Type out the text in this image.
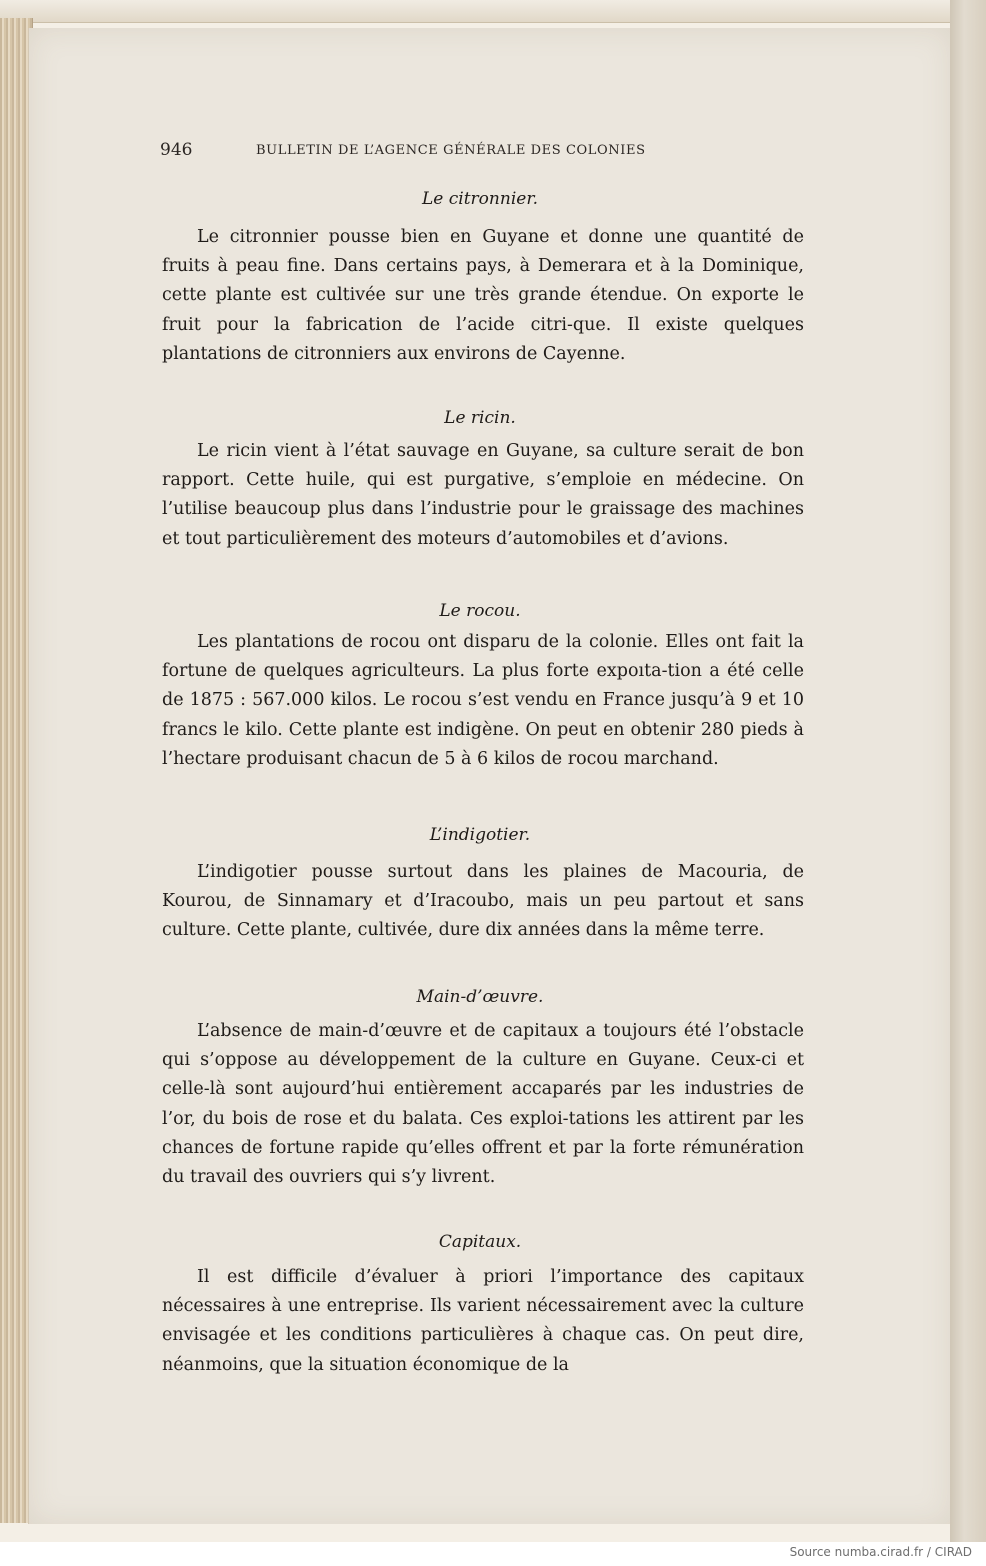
946	BULLETIN DE L’AGENCE GÉNÉRALE DES COLONIES
Le citronnier.

Le citronnier pousse bien en Guyane et donne une quantité de fruits à peau fine. Dans certains pays, à Demerara et à la Dominique, cette plante est cultivée sur une très grande étendue. On exporte le fruit pour la fabrication de l’acide citri-que. Il existe quelques plantations de citronniers aux environs de Cayenne.

Le ricin.

Le ricin vient à l’état sauvage en Guyane, sa culture serait de bon rapport. Cette huile, qui est purgative, s’emploie en médecine. On l’utilise beaucoup plus dans l’industrie pour le graissage des machines et tout particulièrement des moteurs d’automobiles et d’avions.

Le rocou.

Les plantations de rocou ont disparu de la colonie. Elles ont fait la fortune de quelques agriculteurs. La plus forte expoıta-tion a été celle de 1875 : 567.000 kilos. Le rocou s’est vendu en France jusqu’à 9 et 10 francs le kilo. Cette plante est indigène. On peut en obtenir 280 pieds à l’hectare produisant chacun de 5 à 6 kilos de rocou marchand.

L’indigotier.

L’indigotier pousse surtout dans les plaines de Macouria, de Kourou, de Sinnamary et d’Iracoubo, mais un peu partout et sans culture. Cette plante, cultivée, dure dix années dans la même terre.

Main-d’œuvre.

L’absence de main-d’œuvre et de capitaux a toujours été l’obstacle qui s’oppose au développement de la culture en Guyane. Ceux-ci et celle-là sont aujourd’hui entièrement accaparés par les industries de l’or, du bois de rose et du balata. Ces exploi-tations les attirent par les chances de fortune rapide qu’elles offrent et par la forte rémunération du travail des ouvriers qui s’y livrent.

Capitaux.

Il est difficile d’évaluer à priori l’importance des capitaux nécessaires à une entreprise. Ils varient nécessairement avec la culture envisagée et les conditions particulières à chaque cas. On peut dire, néanmoins, que la situation économique de la

Source numba.cirad.fr / CIRAD
